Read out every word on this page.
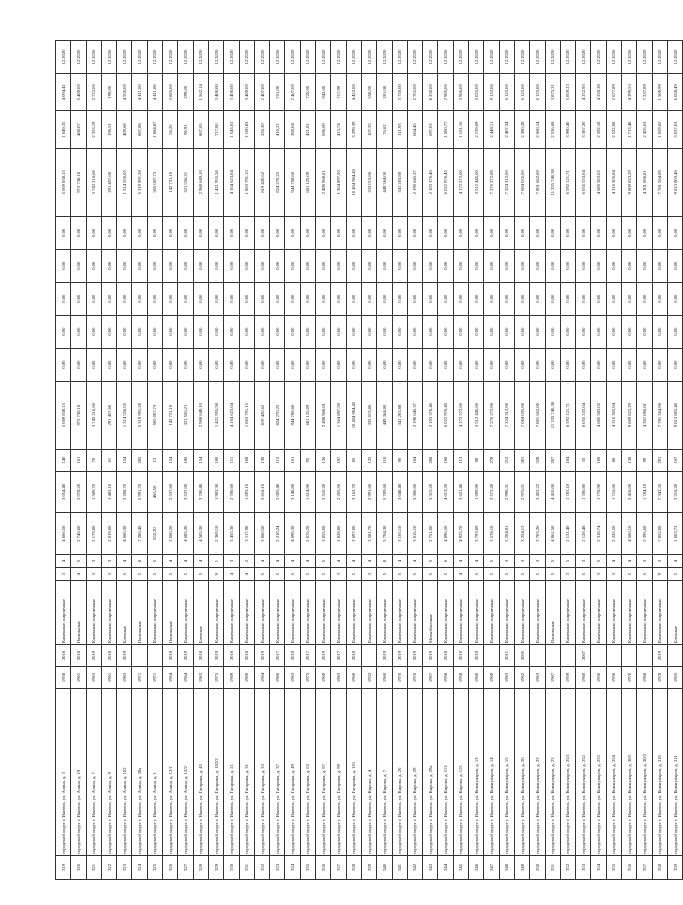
319	городской округ г. Ижевск, ул. Азина, д. 3	1958	2018	Каменные, кирпичные	3	4	4 666,50	3 054,40	140	5 069 838,15	0,00	0,00	0,00	0,00	0,00	5 069 838,15	1 649,35	4 094,41	12.2020
320	городской округ г. Ижевск, ул. Азина, д. 19	1961	2018	Панельные	4	5	2 746,60	2 078,20	161	972 738,18	0,00	0,00	0,00	0,00	0,00	972 738,18	468,07	5 400,00	12.2020
321	городской округ г. Ижевск, ул. Азина, д. 7	1963	2019	Каменные, кирпичные	3	3	2 179,80	1 589,70	70	3 743 216,60	0,00	0,00	0,00	0,00	0,00	3 743 216,60	2 353,19	2 722,00	12.2020
322	городской округ г. Ижевск, ул. Азина, д. 9	1961	2018	Каменные, кирпичные	3	3	2 019,00	1 483,10	61	291 457,60	0,00	0,00	0,00	0,00	0,00	291 457,60	196,51	199,00	12.2020
323	городской округ г. Ижевск, ул. Азина, д. 102	1983	2019	Блочные	5	4	4 060,30	3 208,70	154	1 314 556,05	0,00	0,00	0,00	0,00	0,00	1 314 556,05	409,68	4 550,00	12.2020
324	городской округ г. Ижевск, ул. Азина, д. 28а	1971		Панельные	5	8	7 286,40	5 991,70	285	5 319 991,28	0,00	0,00	0,00	0,00	0,00	5 319 991,28	887,88	4 411,00	12.2020
325	городской округ г. Ижевск, ул. Азина, д. 1	1971		Каменные, кирпичные	5	5	555,20	465,50	13	505 007,73	0,00	0,00	0,00	0,00	0,00	505 007,73	1 084,87	4 411,00	12.2020
326	городской округ г. Ижевск, ул. Азина, д. 12/1	1964	2018	Панельные	5	4	3 060,20	2 537,60	154	142 731,10	0,00	0,00	0,00	0,00	0,00	142 731,10	56,25	3 885,00	12.2020
327	городской округ г. Ижевск, ул. Азина, д. 12/2	1964	2019	Каменные, кирпичные	5	4	4 685,30	3 537,00	186	321 556,21	0,00	0,00	0,00	0,00	0,00	321 556,21	90,91	299,00	12.2020
328	городской округ г. Ижевск, ул. Гагарина, д. 45	1963	2018	Блочные	5	4	4 505,30	3 700,40	154	2 988 649,10	0,00	0,00	0,00	0,00	0,00	2 988 649,10	807,65	1 562,14	12.2020
329	городской округ г. Ижевск, ул. Гагарина, д. 102/2	1975	2019	Каменные, кирпичные	9	1	2 369,10	1 983,30	100	1 421 955,58	0,00	0,00	0,00	0,00	0,00	1 421 955,58	717,00	3 400,00	12.2020
330	городской округ г. Ижевск, ул. Гагарина, д. 21	1969	2018	Каменные, кирпичные	4	3	3 455,30	2 700,60	111	4 164 623,04	0,00	0,00	0,00	0,00	0,00	4 164 623,04	1 543,01	3 400,00	12.2020
331	городской округ г. Ижевск, ул. Гагарина, д. 31	1960	2018	Каменные, кирпичные	4	2	3 117,90	1 693,10	108	1 863 791,15	0,00	0,00	0,00	0,00	0,00	1 863 791,15	1 100,83	3 400,00	12.2020
332	городской округ г. Ижевск, ул. Гагарина, д. 33	1964	2019	Каменные, кирпичные	5	4	3 860,50	3 618,10	130	819 420,62	0,00	0,00	0,00	0,00	0,00	819 420,62	226,20	2 407,00	12.2020
333	городской округ г. Ижевск, ул. Гагарина, д. 37	1960	2017	Каменные, кирпичные	5	4	2 210,24	2 005,40	115	824 270,25	0,00	0,00	0,00	0,00	0,00	824 270,25	410,21	751,00	12.2020
334	городской округ г. Ижевск, ул. Гагарина, д. 49	1963	2018	Каменные, кирпичные	5	4	4 090,30	3 148,80	161	944 708,60	0,00	0,00	0,00	0,00	0,00	944 708,60	300,04	2 407,00	12.2020
335	городской округ г. Ижевск, ул. Гагарина, д. 63	1975	2017	Каменные, кирпичные	5	4	2 076,20	1 614,90	95	681 125,09	0,00	0,00	0,00	0,00	0,00	681 125,09	421,81	725,00	12.2020
336	городской округ г. Ижевск, ул. Гагарина, д. 97	1969	2019	Каменные, кирпичные	5	5	3 855,00	3 510,20	136	2 498 968,81	0,00	0,00	0,00	0,00	0,00	2 498 968,81	696,69	942,00	12.2020
337	городской округ г. Ижевск, ул. Гагарина, д. 99	1963	2017	Каменные, кирпичные	3	4	1 828,80	2 205,50	187	1 364 897,50	0,00	0,00	0,00	0,00	0,00	1 364 897,50	413,74	717,99	12.2020
338	городской округ г. Ижевск, ул. Гагарина, д. 101	1960	2018	Каменные, кирпичные	5	4	2 697,00	3 162,70	85	10 434 984,45	0,00	0,00	0,00	0,00	0,00	10 434 984,45	3 299,39	4 453,00	12.2020
339	городской округ г. Ижевск, ул. Кирова, д. 4	1932		Каменные, кирпичные	3	4	3 581,70	2 991,60	125	332 013,86	0,00	0,00	0,00	0,00	0,00	332 013,86	107,35	550,00	12.2020
340	городской округ г. Ижевск, ул. Кирова, д. 7	1960	2019	Каменные, кирпичные	5	8	5 794,30	5 709,60	110	449 364,00	0,00	0,00	0,00	0,00	0,00	449 364,00	76,62	201,00	12.2020
341	городской округ г. Ижевск, ул. Кирова, д. 26	1970	2019	Каменные, кирпичные	5	4	3 105,10	3 048,40	96	341 203,88	0,00	0,00	0,00	0,00	0,00	341 203,88	111,93	3 750,00	12.2020
342	городской округ г. Ижевск, ул. Кирова, д. 29	1970	2019	Каменные, кирпичные	5	4	3 016,10	3 300,60	104	2 190 645,37	0,00	0,00	0,00	0,00	0,00	2 190 645,37	684,45	2 702,00	12.2020
343	городской округ г. Ижевск, ул. Кирова, д. 29а	1967	2019	Мелкоблочные	5	5	2 751,00	3 315,20	288	2 103 376,40	0,00	0,00	0,00	0,00	0,00	2 103 376,40	697,03	8 250,00	12.2020
344	городской округ г. Ижевск, ул. Кирова, д. 113	1958	2018	Каменные, кирпичные	5	6	4 896,50	4 013,20	160	6 022 976,45	0,00	0,00	0,00	0,00	0,00	6 022 976,45	1 500,77	2 985,00	12.2020
345	городской округ г. Ижевск, ул. Кирова, д. 115	1958	2016	Каменные, кирпичные	4	4	4 925,70	3 621,40	113	4 172 572,60	0,00	0,00	0,00	0,00	0,00	4 172 572,60	1 161,16	3 966,00	12.2020
346	городской округ г. Ижевск, ул. Коммунаров, д. 13	1960	2018	Каменные, кирпичные	5	4	3 793,89	1 699,90	98	3 512 445,60	0,00	0,00	0,00	0,00	0,00	3 512 445,60	2 159,69	5 025,00	12.2020
347	городской округ г. Ижевск, ул. Коммунаров, д. 14	1969		Каменные, кирпичные	5	5	3 578,10	2 572,20	278	7 276 272,00	0,00	0,00	0,00	0,00	0,00	7 276 272,00	2 448,11	9 132,00	12.2020
348	городской округ г. Ижевск, ул. Коммунаров, д. 15	1963	2011	Каменные, кирпичные	5	3	5 204,91	2 998,31	212	7 324 312,00	0,00	0,00	0,00	0,00	0,00	7 324 312,00	2 407,34	6 125,00	12.2020
349	городской округ г. Ижевск, ул. Коммунаров, д. 20	1962	2005	Каменные, кирпичные	5	3	3 254,13	2 975,01	301	7 084 035,00	0,00	0,00	0,00	0,00	0,00	7 084 035,00	2 380,28	6 125,00	12.2020
350	городской округ г. Ижевск, ул. Коммунаров, д. 22	1963		Каменные, кирпичные	5	3	3 703,26	3 453,22	328	7 801 662,00	0,00	0,00	0,00	0,00	0,00	7 801 662,00	2 660,14	6 125,00	12.2020
351	городской округ г. Ижевск, ул. Коммунаров, д. 23	1967		Панельные	5	5	4 861,50	4 410,00	207	11 335 740,38	0,00	0,00	0,00	0,00	0,00	11 335 740,38	2 536,68	3 875,31	12.2020
352	городской округ г. Ижевск, ул. Коммунаров, д. 25/1	1959		Каменные, кирпичные	3	5	2 131,40	1 783,10	104	6 592 121,71	0,00	0,00	0,00	0,00	0,00	6 592 121,71	3 980,40	5 859,23	12.2020
353	городской округ г. Ижевск, ул. Коммунаров, д. 252	1960	2007	Каменные, кирпичные	5	3	2 128,48	1 780,80	33	6 055 533,04	0,00	0,00	0,00	0,00	0,00	6 055 533,04	3 387,20	4 252,93	12.2020
354	городской округ г. Ижевск, ул. Коммунаров, д. 253	1950		Каменные, кирпичные	3	5	2 318,74	1 778,90	106	4 685 583,02	0,00	0,00	0,00	0,00	0,00	4 685 583,02	2 592,18	4 228,38	12.2020
355	городской округ г. Ижевск, ул. Коммунаров, д. 254	1950		Каменные, кирпичные	3	4	2 226,50	1 716,60	86	4 316 305,84	0,00	0,00	0,00	0,00	0,00	4 316 305,84	2 522,08	2 677,89	12.2020
356	городской округ г. Ижевск, ул. Коммунаров, д. 303	1970		Каменные, кирпичные	5	4	4 560,10	3 418,00	130	9 869 823,29	0,00	0,00	0,00	0,00	0,00	9 869 823,29	1 713,48	4 399,53	12.2020
357	городской округ г. Ижевск, ул. Коммунаров, д. 30/2	1968		Каменные, кирпичные	5	3	2 395,60	1 784,10	99	4 301 006,81	0,00	0,00	0,00	0,00	0,00	4 301 006,81	2 455,63	7 237,89	12.2020
358	городской округ г. Ижевск, ул. Коммунаров, д. 310	1978	2019	Каменные, кирпичные	9	3	7 852,00	7 343,35	291	7 781 564,00	0,00	0,00	0,00	0,00	0,00	7 781 564,00	1 059,65	1 500,99	12.2020
359	городской округ г. Ижевск, ул. Коммунаров, д. 311	1965		Блочные	5	4	1 603,73	3 218,20	167	9 813 803,46	0,00	0,00	0,00	0,00	0,00	9 813 803,46	3 037,03	6 058,49	12.2020
